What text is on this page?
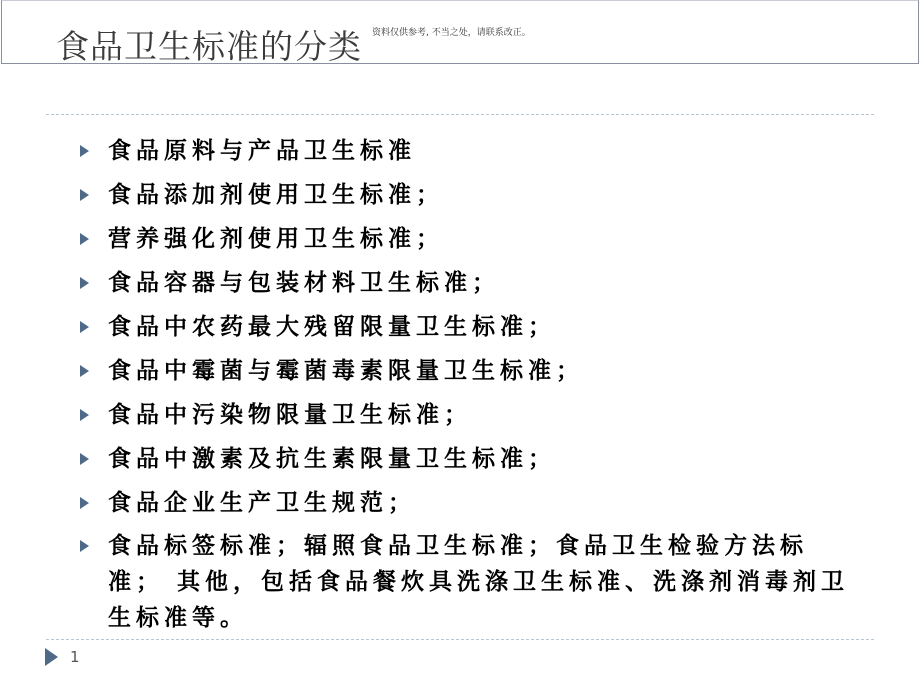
食品卫生标准的分类 资料仅供参考, 不当之处，请联系改正。
食品原料与产品卫生标准
食品添加剂使用卫生标准；
营养强化剂使用卫生标准；
食品容器与包装材料卫生标准；
食品中农药最大残留限量卫生标准；
食品中霉菌与霉菌毒素限量卫生标准；
食品中污染物限量卫生标准；
食品中激素及抗生素限量卫生标准；
食品企业生产卫生规范；
食品标签标准；辐照食品卫生标准；食品卫生检验方法标准； 其他，包括食品餐炊具洗涤卫生标准、洗涤剂消毒剂卫生标准等。
1
